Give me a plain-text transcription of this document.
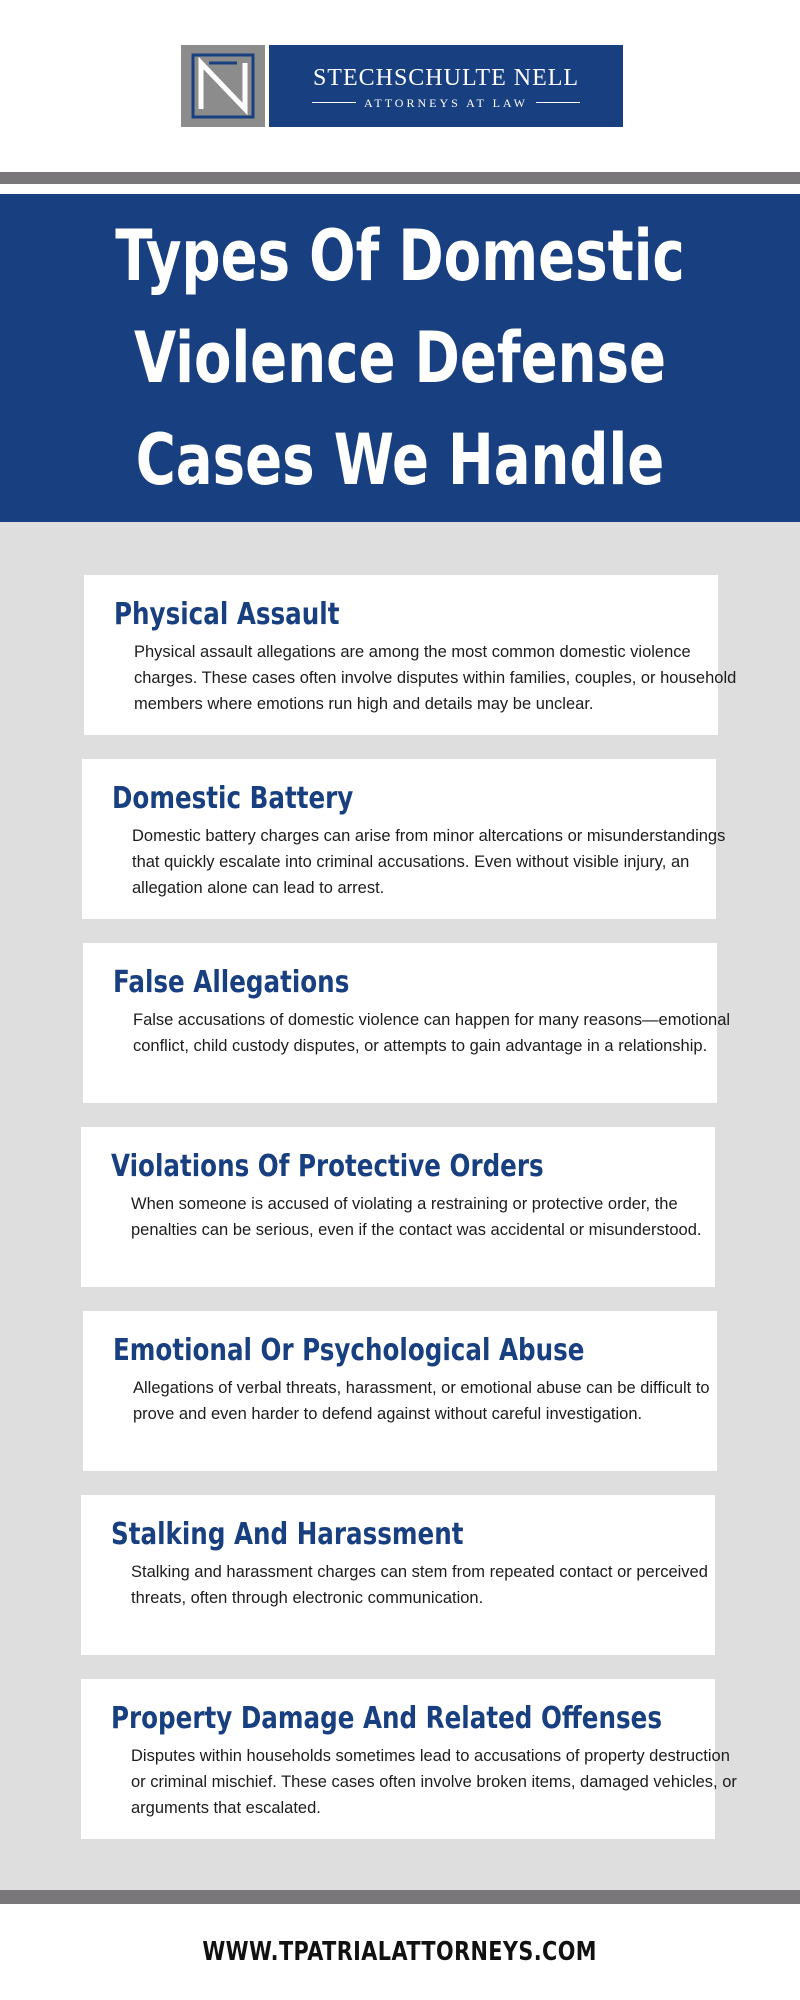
STECHSCHULTE NELL
ATTORNEYS AT LAW
Types Of Domestic Violence Defense Cases We Handle
Physical Assault
Physical assault allegations are among the most common domestic violence charges. These cases often involve disputes within families, couples, or household members where emotions run high and details may be unclear.
Domestic Battery
Domestic battery charges can arise from minor altercations or misunderstandings that quickly escalate into criminal accusations. Even without visible injury, an allegation alone can lead to arrest.
False Allegations
False accusations of domestic violence can happen for many reasons—emotional conflict, child custody disputes, or attempts to gain advantage in a relationship.
Violations Of Protective Orders
When someone is accused of violating a restraining or protective order, the penalties can be serious, even if the contact was accidental or misunderstood.
Emotional Or Psychological Abuse
Allegations of verbal threats, harassment, or emotional abuse can be difficult to prove and even harder to defend against without careful investigation.
Stalking And Harassment
Stalking and harassment charges can stem from repeated contact or perceived threats, often through electronic communication.
Property Damage And Related Offenses
Disputes within households sometimes lead to accusations of property destruction or criminal mischief. These cases often involve broken items, damaged vehicles, or arguments that escalated.
WWW.TPATRIALATTORNEYS.COM
